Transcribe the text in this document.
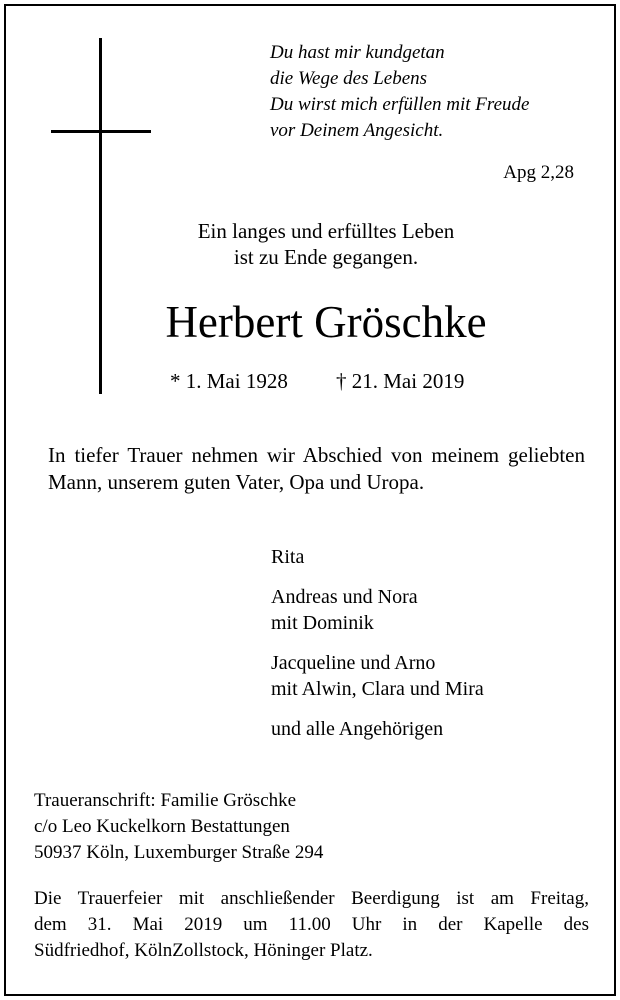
Du hast mir kundgetan
die Wege des Lebens
Du wirst mich erfüllen mit Freude
vor Deinem Angesicht.
Apg 2,28
Ein langes und erfülltes Leben
ist zu Ende gegangen.
Herbert Gröschke
* 1. Mai 1928 † 21. Mai 2019
In tiefer Trauer nehmen wir Abschied von meinem geliebten Mann, unserem guten Vater, Opa und Uropa.
Rita
Andreas und Nora
mit Dominik
Jacqueline und Arno
mit Alwin, Clara und Mira
und alle Angehörigen
Traueranschrift: Familie Gröschke
c/o Leo Kuckelkorn Bestattungen
50937 Köln, Luxemburger Straße 294
Die Trauerfeier mit anschließender Beerdigung ist am Freitag,
dem 31. Mai 2019 um 11.00 Uhr in der Kapelle des
Südfriedhof, KölnZollstock, Höninger Platz.
